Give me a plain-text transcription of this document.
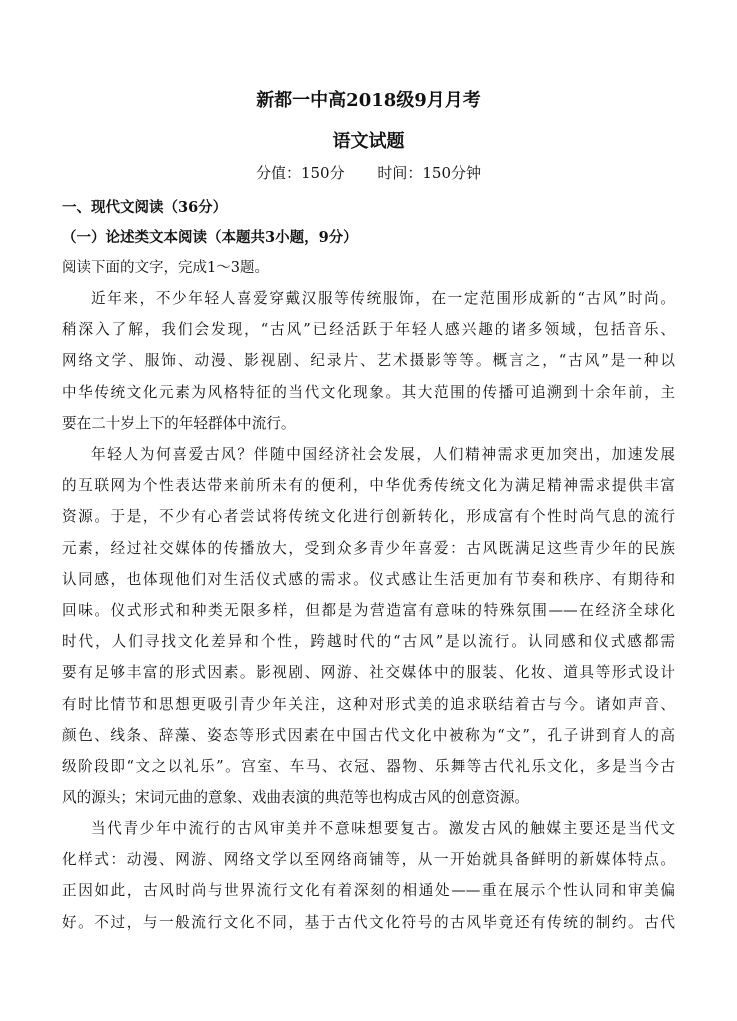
新都一中高2018级9月月考
语文试题
分值：150分 时间：150分钟
一、现代文阅读（36分）
（一）论述类文本阅读（本题共3小题，9分）
阅读下面的文字，完成1～3题。
近年来，不少年轻人喜爱穿戴汉服等传统服饰，在一定范围形成新的“古风”时尚。
稍深入了解，我们会发现，“古风”已经活跃于年轻人感兴趣的诸多领域，包括音乐、
网络文学、服饰、动漫、影视剧、纪录片、艺术摄影等等。概言之，“古风”是一种以
中华传统文化元素为风格特征的当代文化现象。其大范围的传播可追溯到十余年前，主
要在二十岁上下的年轻群体中流行。
年轻人为何喜爱古风？伴随中国经济社会发展，人们精神需求更加突出，加速发展
的互联网为个性表达带来前所未有的便利，中华优秀传统文化为满足精神需求提供丰富
资源。于是，不少有心者尝试将传统文化进行创新转化，形成富有个性时尚气息的流行
元素，经过社交媒体的传播放大，受到众多青少年喜爱：古风既满足这些青少年的民族
认同感，也体现他们对生活仪式感的需求。仪式感让生活更加有节奏和秩序、有期待和
回味。仪式形式和种类无限多样，但都是为营造富有意味的特殊氛围——在经济全球化
时代，人们寻找文化差异和个性，跨越时代的“古风”是以流行。认同感和仪式感都需
要有足够丰富的形式因素。影视剧、网游、社交媒体中的服装、化妆、道具等形式设计
有时比情节和思想更吸引青少年关注，这种对形式美的追求联结着古与今。诸如声音、
颜色、线条、辞藻、姿态等形式因素在中国古代文化中被称为“文”，孔子讲到育人的高
级阶段即“文之以礼乐”。宫室、车马、衣冠、器物、乐舞等古代礼乐文化，多是当今古
风的源头；宋词元曲的意象、戏曲表演的典范等也构成古风的创意资源。
当代青少年中流行的古风审美并不意味想要复古。激发古风的触媒主要还是当代文
化样式：动漫、网游、网络文学以至网络商铺等，从一开始就具备鲜明的新媒体特点。
正因如此，古风时尚与世界流行文化有着深刻的相通处——重在展示个性认同和审美偏
好。不过，与一般流行文化不同，基于古代文化符号的古风毕竟还有传统的制约。古代
